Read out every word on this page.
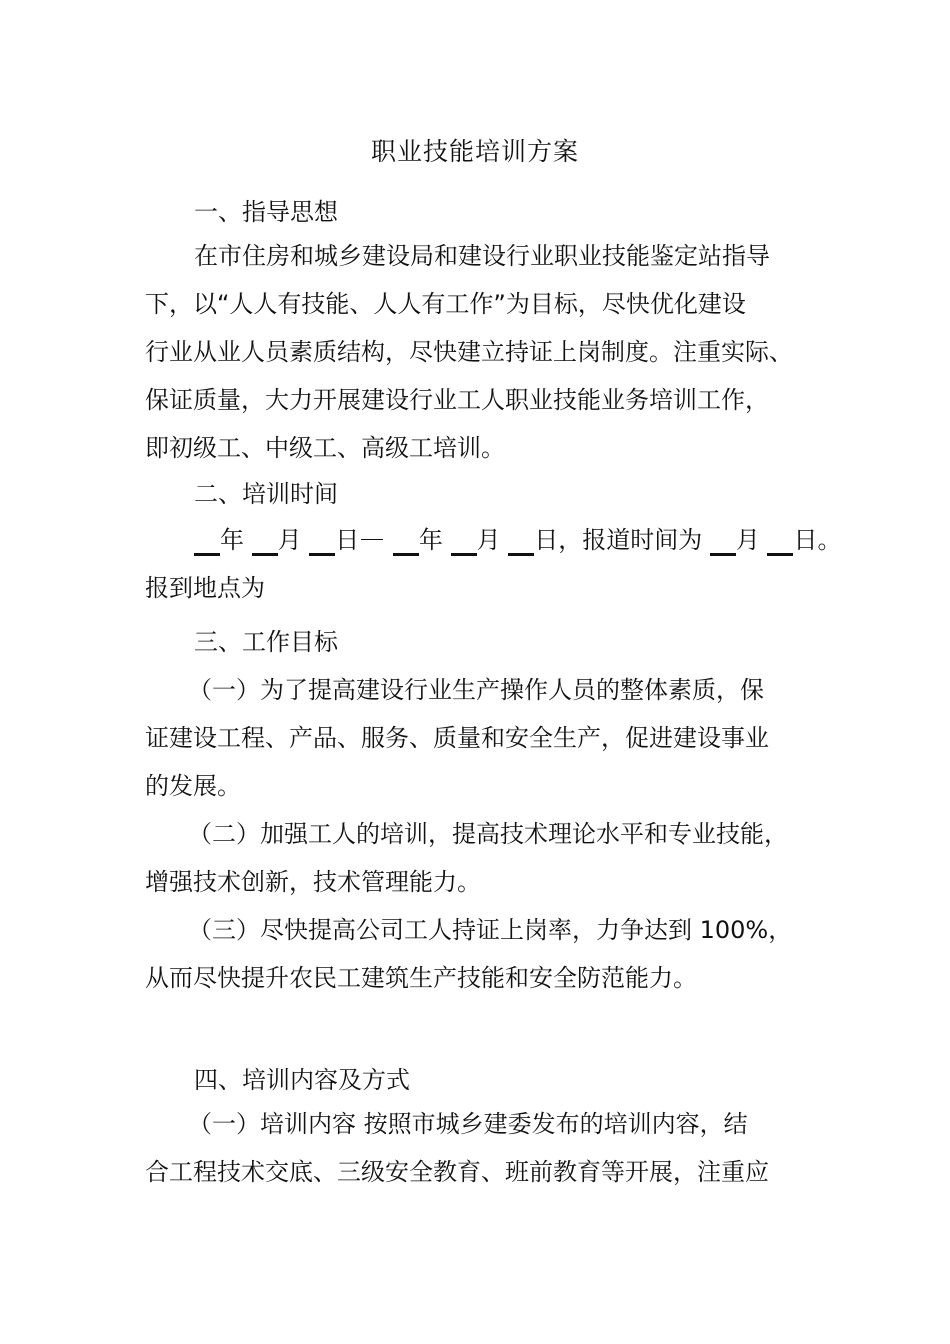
职业技能培训方案
一、指导思想
在市住房和城乡建设局和建设行业职业技能鉴定站指导
下，以“人人有技能、人人有工作”为目标，尽快优化建设
行业从业人员素质结构，尽快建立持证上岗制度。注重实际、
保证质量，大力开展建设行业工人职业技能业务培训工作，
即初级工、中级工、高级工培训。
二、培训时间
年 月 日 年 月 日，报道时间为 月 日。
报到地点为
三、工作目标
（一）为了提高建设行业生产操作人员的整体素质，保
证建设工程、产品、服务、质量和安全生产，促进建设事业
的发展。
（二）加强工人的培训，提高技术理论水平和专业技能，
增强技术创新，技术管理能力。
（三）尽快提高公司工人持证上岗率，力争达到 100%，
从而尽快提升农民工建筑生产技能和安全防范能力。
四、培训内容及方式
（一）培训内容 按照市城乡建委发布的培训内容，结
合工程技术交底、三级安全教育、班前教育等开展，注重应
